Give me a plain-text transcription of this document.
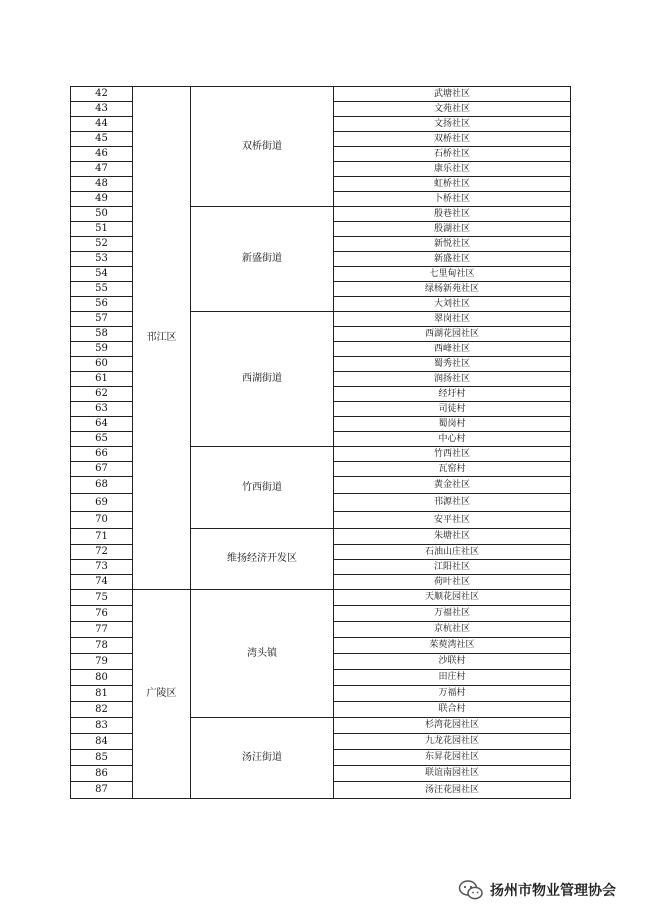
42	邗江区	双桥街道	武塘社区
43			文苑社区
44			文扬社区
45			双桥社区
46			石桥社区
47			康乐社区
48			虹桥社区
49			卜桥社区
50		新盛街道	殷巷社区
51			殷湖社区
52			新悦社区
53			新盛社区
54			七里甸社区
55			绿杨新苑社区
56			大刘社区
57		西湖街道	翠岗社区
58			西湖花园社区
59			西峰社区
60			蜀秀社区
61			润扬社区
62			经圩村
63			司徒村
64			蜀岗村
65			中心村
66		竹西街道	竹西社区
67			瓦窑村
68			黄金社区
69			邗源社区
70			安平社区
71		维扬经济开发区	朱塘社区
72			石油山庄社区
73			江阳社区
74			荷叶社区
75	广陵区	湾头镇	天顺花园社区
76			万福社区
77			京杭社区
78			茱萸湾社区
79			沙联村
80			田庄村
81			万福村
82			联合村
83		汤汪街道	杉湾花园社区
84			九龙花园社区
85			东昇花园社区
86			联谊南园社区
87			汤汪花园社区
扬州市物业管理协会
